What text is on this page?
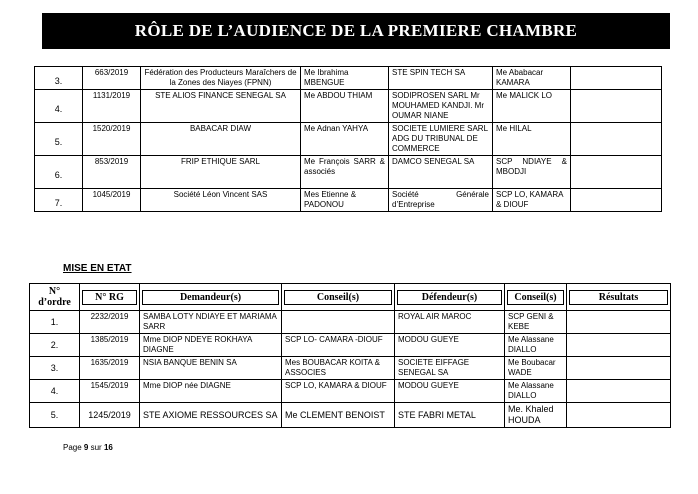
RÔLE DE L’AUDIENCE DE LA PREMIERE CHAMBRE
3.	663/2019	Fédération des Producteurs Maraîchers de la Zones des Niayes (FPNN)	Me Ibrahima MBENGUE	STE SPIN TECH SA	Me Ababacar KAMARA	
4.	1131/2019	STE ALIOS FINANCE SENEGAL SA	Me ABDOU THIAM	SODIPROSEN SARL Mr MOUHAMED KANDJI. Mr OUMAR NIANE	Me MALICK LO	
5.	1520/2019	BABACAR DIAW	Me Adnan YAHYA	SOCIETE LUMIERE SARL ADG DU TRIBUNAL DE COMMERCE	Me HILAL	
6.	853/2019	FRIP ETHIQUE SARL	Me François SARR & associés	DAMCO SENEGAL SA	SCP NDIAYE & MBODJI	
7.	1045/2019	Société Léon Vincent SAS	Mes Etienne & PADONOU	Société Générale d’Entreprise	SCP LO, KAMARA & DIOUF	
MISE EN ETAT
N° d’ordre	N° RG	Demandeur(s)	Conseil(s)	Défendeur(s)	Conseil(s)	Résultats

1.	2232/2019	SAMBA LOTY NDIAYE ET MARIAMA SARR		ROYAL AIR MAROC	SCP GENI & KEBE	
2.	1385/2019	Mme DIOP NDEYE ROKHAYA DIAGNE	SCP LO- CAMARA -DIOUF	MODOU GUEYE	Me Alassane DIALLO	
3.	1635/2019	NSIA BANQUE BENIN SA	Mes BOUBACAR KOITA & ASSOCIES	SOCIETE EIFFAGE SENEGAL SA	Me Boubacar WADE	
4.	1545/2019	Mme DIOP née DIAGNE	SCP LO, KAMARA & DIOUF	MODOU GUEYE	Me Alassane DIALLO	
5.	1245/2019	STE AXIOME RESSOURCES SA	Me CLEMENT BENOIST	STE FABRI METAL	Me. Khaled HOUDA	
Page 9 sur 16
